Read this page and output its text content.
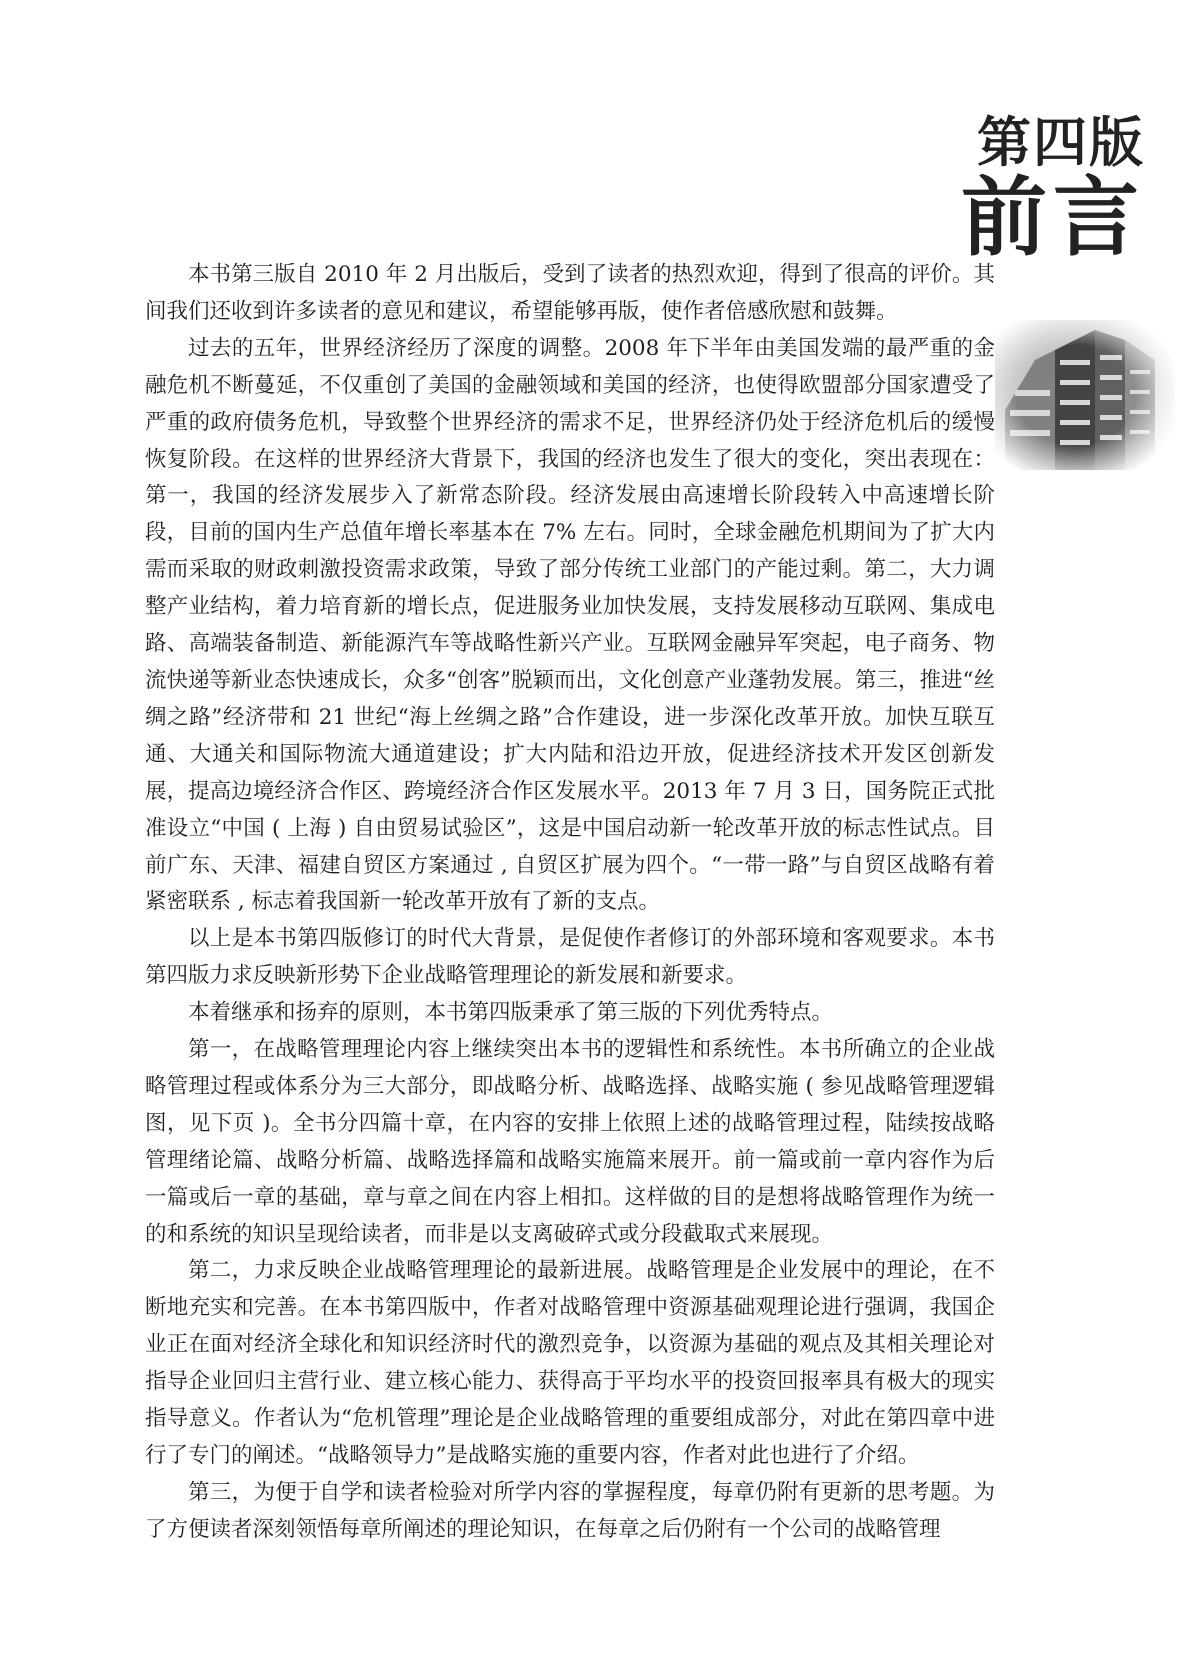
第四版
前言

本书第三版自 2010 年 2 月出版后，受到了读者的热烈欢迎，得到了很高的评价。其间我们还收到许多读者的意见和建议，希望能够再版，使作者倍感欣慰和鼓舞。

过去的五年，世界经济经历了深度的调整。2008 年下半年由美国发端的最严重的金融危机不断蔓延，不仅重创了美国的金融领域和美国的经济，也使得欧盟部分国家遭受了严重的政府债务危机，导致整个世界经济的需求不足，世界经济仍处于经济危机后的缓慢恢复阶段。在这样的世界经济大背景下，我国的经济也发生了很大的变化，突出表现在：第一，我国的经济发展步入了新常态阶段。经济发展由高速增长阶段转入中高速增长阶段，目前的国内生产总值年增长率基本在 7% 左右。同时，全球金融危机期间为了扩大内需而采取的财政刺激投资需求政策，导致了部分传统工业部门的产能过剩。第二，大力调整产业结构，着力培育新的增长点，促进服务业加快发展，支持发展移动互联网、集成电路、高端装备制造、新能源汽车等战略性新兴产业。互联网金融异军突起，电子商务、物流快递等新业态快速成长，众多“创客”脱颖而出，文化创意产业蓬勃发展。第三，推进“丝绸之路”经济带和 21 世纪“海上丝绸之路”合作建设，进一步深化改革开放。加快互联互通、大通关和国际物流大通道建设；扩大内陆和沿边开放，促进经济技术开发区创新发展，提高边境经济合作区、跨境经济合作区发展水平。2013 年 7 月 3 日，国务院正式批准设立“中国 ( 上海 ) 自由贸易试验区”，这是中国启动新一轮改革开放的标志性试点。目前广东、天津、福建自贸区方案通过 , 自贸区扩展为四个。“一带一路”与自贸区战略有着紧密联系 , 标志着我国新一轮改革开放有了新的支点。

以上是本书第四版修订的时代大背景，是促使作者修订的外部环境和客观要求。本书第四版力求反映新形势下企业战略管理理论的新发展和新要求。

本着继承和扬弃的原则，本书第四版秉承了第三版的下列优秀特点。

第一，在战略管理理论内容上继续突出本书的逻辑性和系统性。本书所确立的企业战略管理过程或体系分为三大部分，即战略分析、战略选择、战略实施 ( 参见战略管理逻辑图，见下页 )。全书分四篇十章，在内容的安排上依照上述的战略管理过程，陆续按战略管理绪论篇、战略分析篇、战略选择篇和战略实施篇来展开。前一篇或前一章内容作为后一篇或后一章的基础，章与章之间在内容上相扣。这样做的目的是想将战略管理作为统一的和系统的知识呈现给读者，而非是以支离破碎式或分段截取式来展现。

第二，力求反映企业战略管理理论的最新进展。战略管理是企业发展中的理论，在不断地充实和完善。在本书第四版中，作者对战略管理中资源基础观理论进行强调，我国企业正在面对经济全球化和知识经济时代的激烈竞争，以资源为基础的观点及其相关理论对指导企业回归主营行业、建立核心能力、获得高于平均水平的投资回报率具有极大的现实指导意义。作者认为“危机管理”理论是企业战略管理的重要组成部分，对此在第四章中进行了专门的阐述。“战略领导力”是战略实施的重要内容，作者对此也进行了介绍。

第三，为便于自学和读者检验对所学内容的掌握程度，每章仍附有更新的思考题。为了方便读者深刻领悟每章所阐述的理论知识，在每章之后仍附有一个公司的战略管理
